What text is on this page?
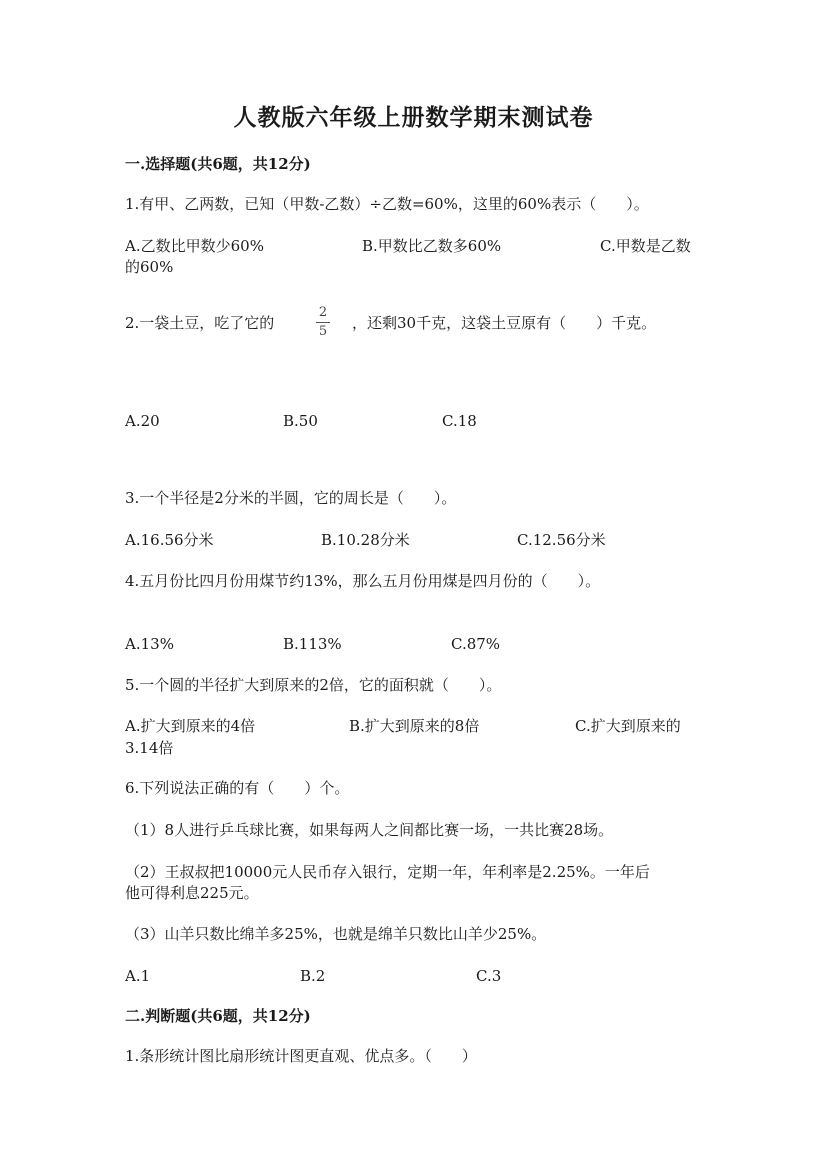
人教版六年级上册数学期末测试卷
一.选择题(共6题，共12分)
1.有甲、乙两数，已知（甲数-乙数）÷乙数=60%，这里的60%表示（　　）。
A.乙数比甲数少60%	B.甲数比乙数多60%	C.甲数是乙数
的60%
2.一袋土豆，吃了它的
2
5 ，还剩30千克，这袋土豆原有（　　）千克。
A.20	B.50	C.18
3.一个半径是2分米的半圆，它的周长是（　　）。
A.16.56分米	B.10.28分米	C.12.56分米
4.五月份比四月份用煤节约13%，那么五月份用煤是四月份的（　　）。
A.13%	B.113%	C.87%
5.一个圆的半径扩大到原来的2倍，它的面积就（　　）。
A.扩大到原来的4倍	B.扩大到原来的8倍	C.扩大到原来的
3.14倍
6.下列说法正确的有（　　）个。
（1）8人进行乒乓球比赛，如果每两人之间都比赛一场，一共比赛28场。
（2）王叔叔把10000元人民币存入银行，定期一年，年利率是2.25%。一年后
他可得利息225元。
（3）山羊只数比绵羊多25%，也就是绵羊只数比山羊少25%。
A.1	B.2	C.3
二.判断题(共6题，共12分)
1.条形统计图比扇形统计图更直观、优点多。（　　）
